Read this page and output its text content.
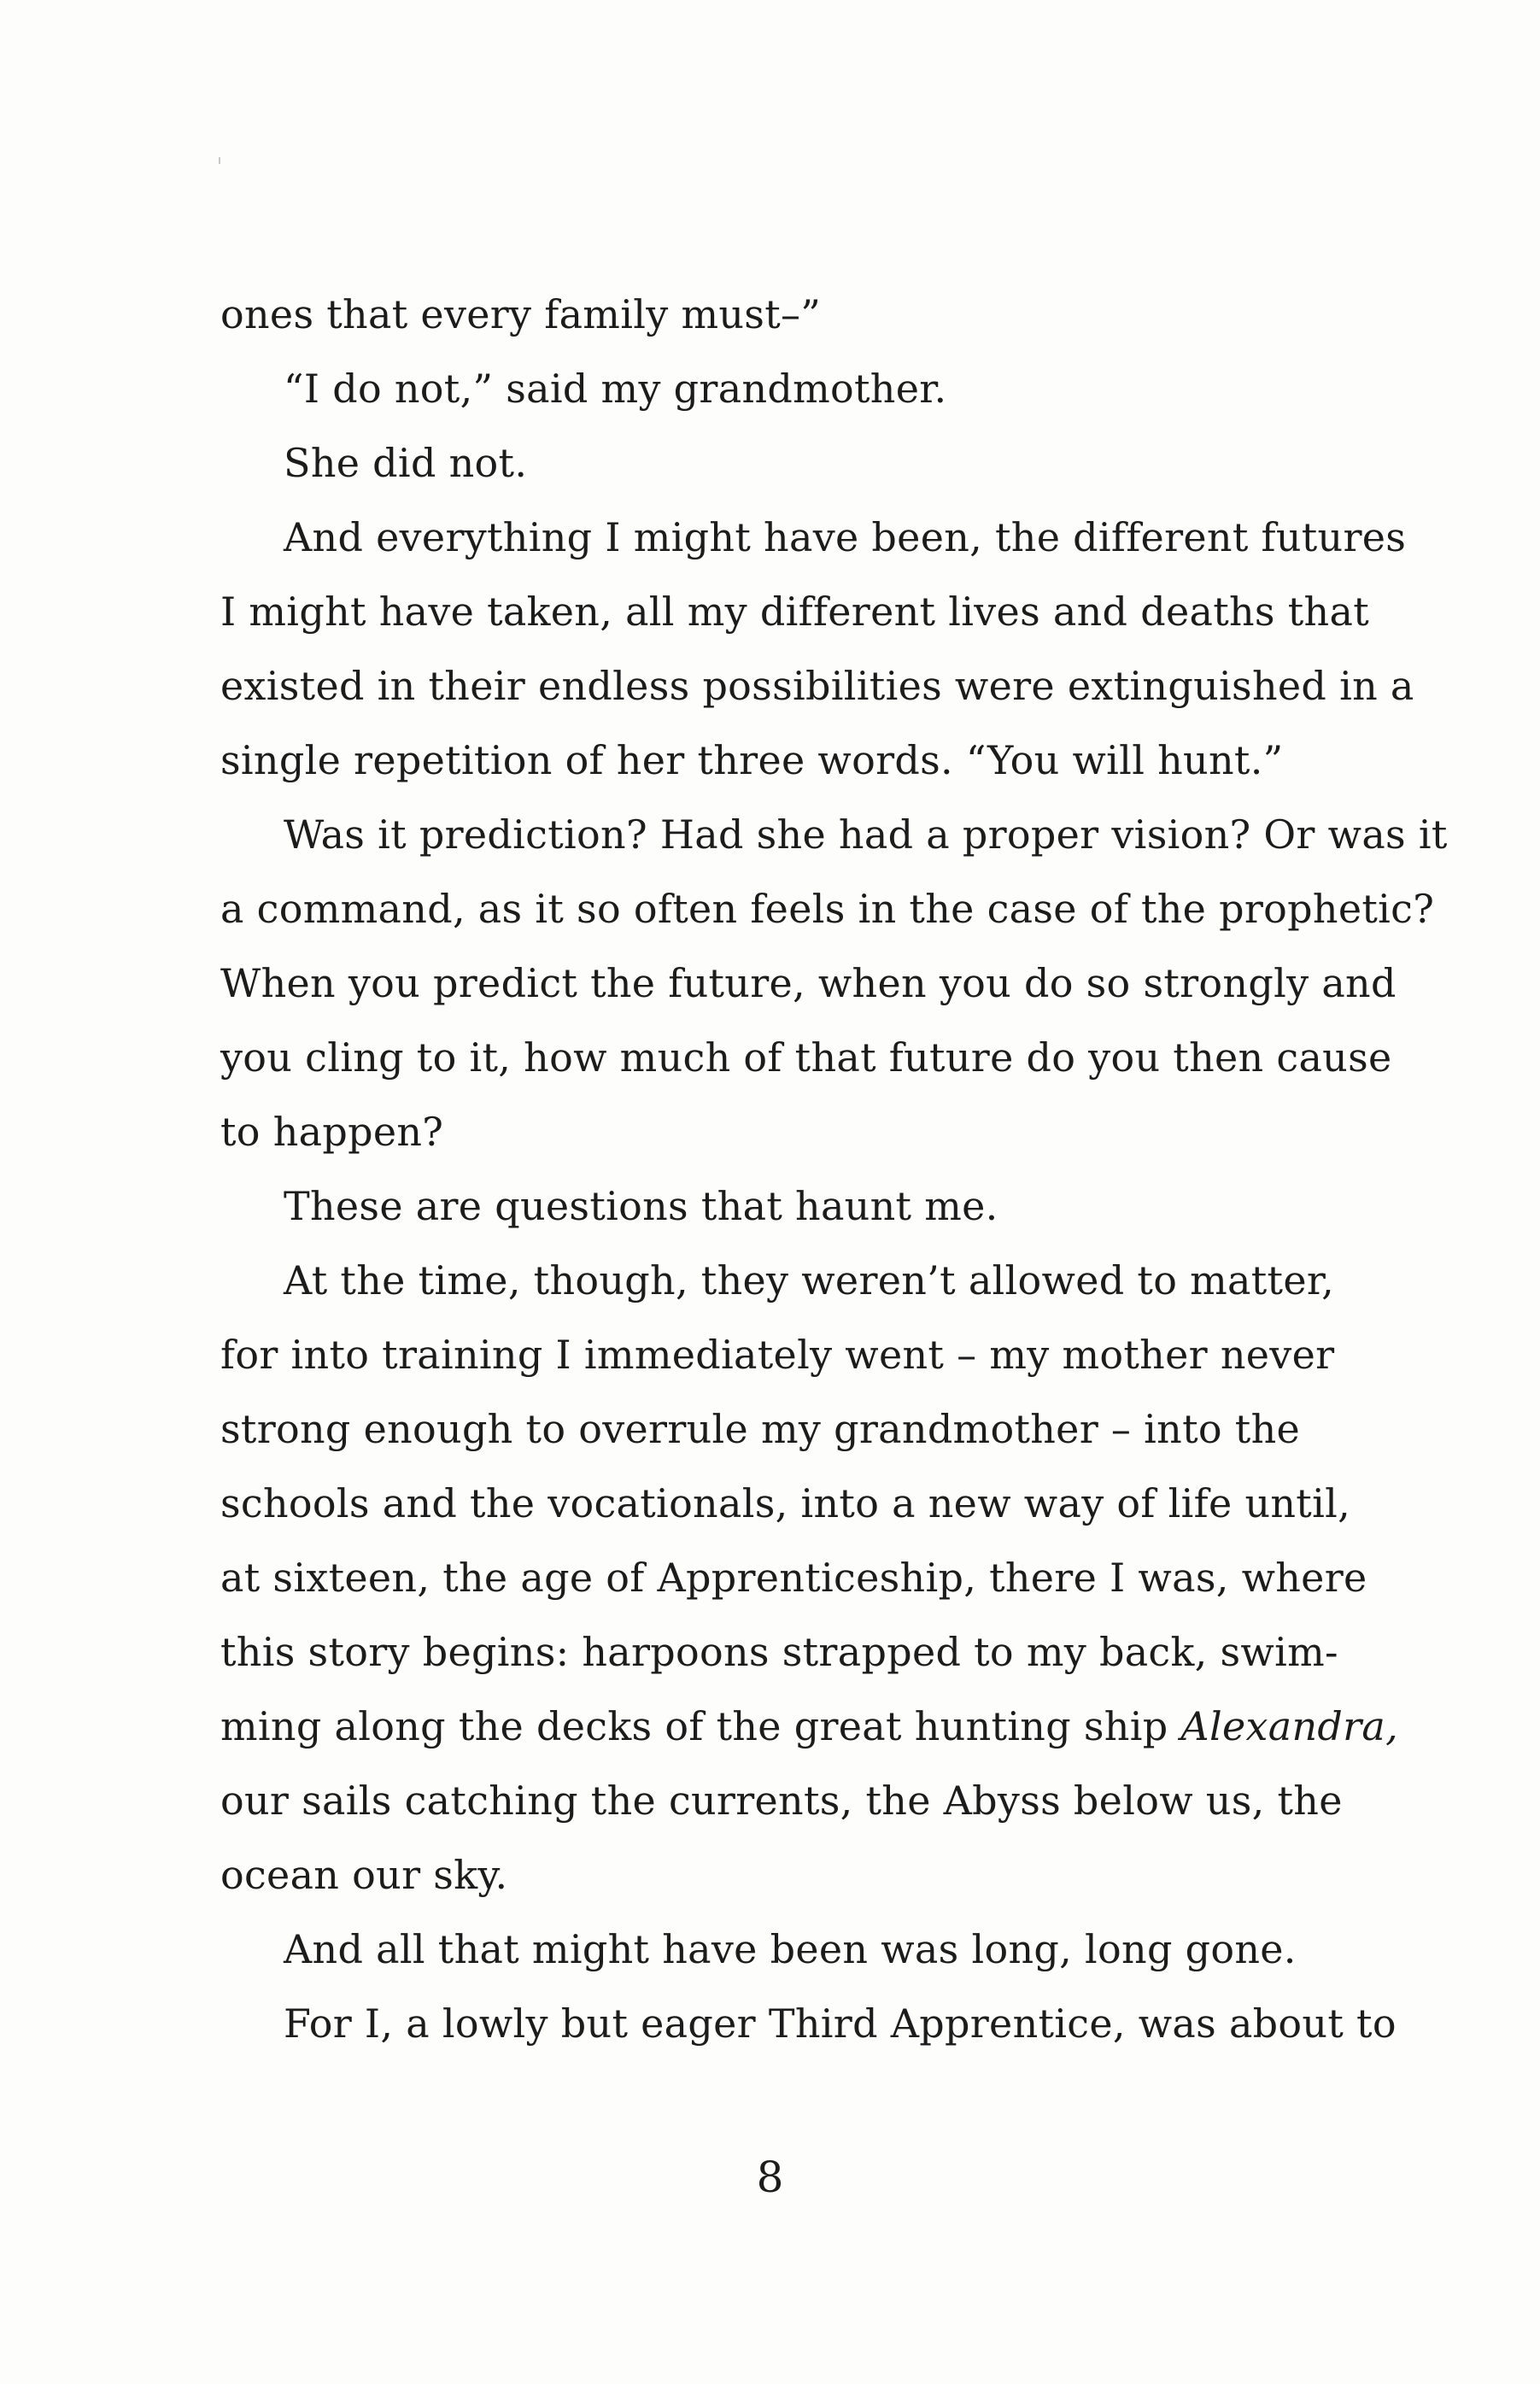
ones that every family must–”
“I do not,” said my grandmother.
She did not.
And everything I might have been, the different futures
I might have taken, all my different lives and deaths that
existed in their endless possibilities were extinguished in a
single repetition of her three words. “You will hunt.”
Was it prediction? Had she had a proper vision? Or was it
a command, as it so often feels in the case of the prophetic?
When you predict the future, when you do so strongly and
you cling to it, how much of that future do you then cause
to happen?
These are questions that haunt me.
At the time, though, they weren’t allowed to matter,
for into training I immediately went – my mother never
strong enough to overrule my grandmother – into the
schools and the vocationals, into a new way of life until,
at sixteen, the age of Apprenticeship, there I was, where
this story begins: harpoons strapped to my back, swim-
ming along the decks of the great hunting ship Alexandra,
our sails catching the currents, the Abyss below us, the
ocean our sky.
And all that might have been was long, long gone.
For I, a lowly but eager Third Apprentice, was about to
8
